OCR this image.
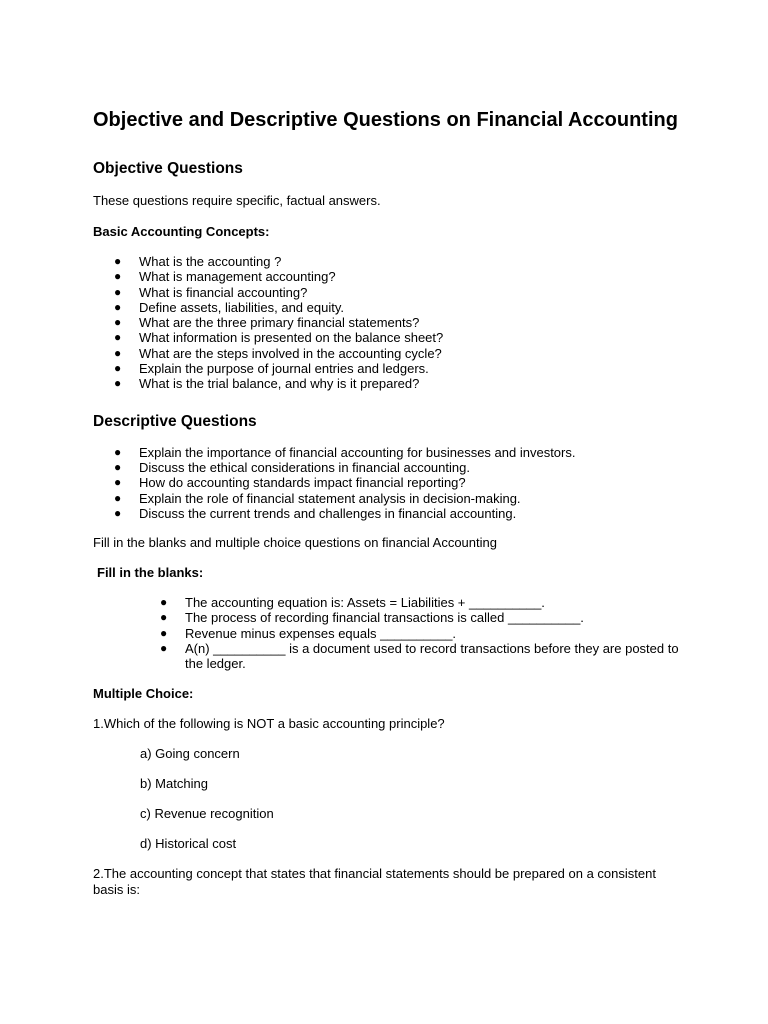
Objective and Descriptive Questions on Financial Accounting
Objective Questions

These questions require specific, factual answers.

Basic Accounting Concepts:

● What is the accounting ?
● What is management accounting?
● What is financial accounting?
● Define assets, liabilities, and equity.
● What are the three primary financial statements?
● What information is presented on the balance sheet?
● What are the steps involved in the accounting cycle?
● Explain the purpose of journal entries and ledgers.
● What is the trial balance, and why is it prepared?
Descriptive Questions
● Explain the importance of financial accounting for businesses and investors.
● Discuss the ethical considerations in financial accounting.
● How do accounting standards impact financial reporting?
● Explain the role of financial statement analysis in decision-making.
● Discuss the current trends and challenges in financial accounting.

Fill in the blanks and multiple choice questions on financial Accounting

Fill in the blanks:

● The accounting equation is: Assets = Liabilities + __________.
● The process of recording financial transactions is called __________.
● Revenue minus expenses equals __________.
● A(n) __________ is a document used to record transactions before they are posted to the ledger.

Multiple Choice:

1.Which of the following is NOT a basic accounting principle?

a) Going concern

b) Matching

c) Revenue recognition

d) Historical cost

2.The accounting concept that states that financial statements should be prepared on a consistent basis is:
